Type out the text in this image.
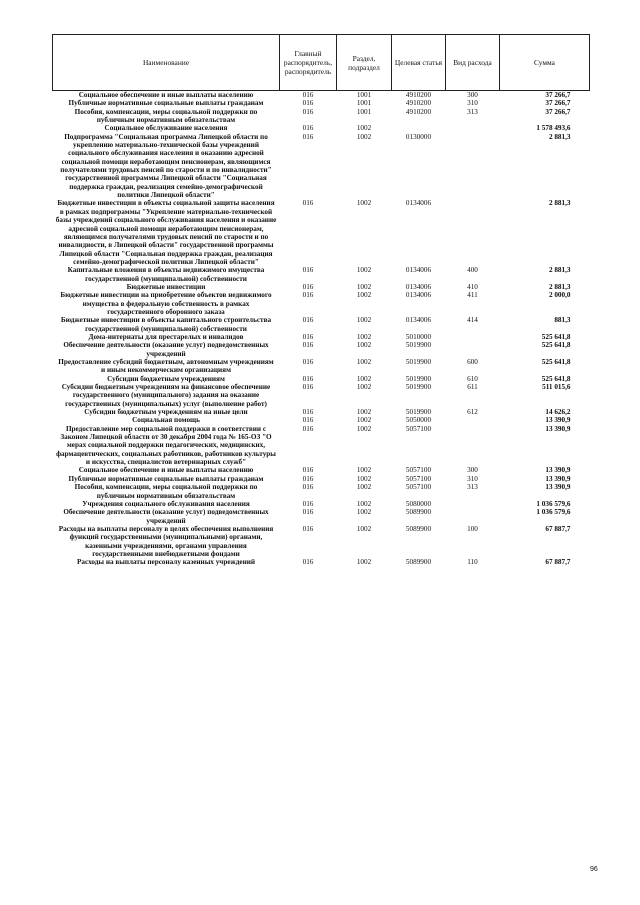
Наименование	Главный распорядитель, распорядитель	Раздел, подраздел	Целевая статья	Вид расхода	Сумма
Социальное обеспечение и иные выплаты населению	016	1001	4910200	300	37 266,7
Публичные нормативные социальные выплаты гражданам	016	1001	4910200	310	37 266,7
Пособия, компенсации, меры социальной поддержки по публичным нормативным обязательствам	016	1001	4910200	313	37 266,7
Социальное обслуживание населения	016	1002			1 578 493,6
Подпрограмма "Социальная программа Липецкой области по укреплению материально-технической базы учреждений социального обслуживания населения и оказанию адресной социальной помощи неработающим пенсионерам, являющимся получателями трудовых пенсий по старости и по инвалидности" государственной программы Липецкой области "Социальная поддержка граждан, реализация семейно-демографической политики Липецкой области"	016	1002	0130000		2 881,3
Бюджетные инвестиции в объекты социальной защиты населения в рамках подпрограммы "Укрепление материально-технической базы учреждений социального обслуживания населения и оказание адресной социальной помощи неработающим пенсионерам, являющимся получателями трудовых пенсий по старости и по инвалидности, в Липецкой области" государственной программы Липецкой области "Социальная поддержка граждан, реализация семейно-демографической политики Липецкой области"	016	1002	0134006		2 881,3
Капитальные вложения в объекты недвижимого имущества государственной (муниципальной) собственности	016	1002	0134006	400	2 881,3
Бюджетные инвестиции	016	1002	0134006	410	2 881,3
Бюджетные инвестиции на приобретение объектов недвижимого имущества в федеральную собственность в рамках государственного оборонного заказа	016	1002	0134006	411	2 000,0
Бюджетные инвестиции в объекты капитального строительства государственной (муниципальной) собственности	016	1002	0134006	414	881,3
Дома-интернаты для престарелых и инвалидов	016	1002	5010000		525 641,8
Обеспечение деятельности (оказание услуг) подведомственных учреждений	016	1002	5019900		525 641,8
Предоставление субсидий бюджетным, автономным учреждениям и иным некоммерческим организациям	016	1002	5019900	600	525 641,8
Субсидии бюджетным учреждениям	016	1002	5019900	610	525 641,8
Субсидии бюджетным учреждениям на финансовое обеспечение государственного (муниципального) задания на оказание государственных (муниципальных) услуг (выполнение работ)	016	1002	5019900	611	511 015,6
Субсидии бюджетным учреждениям на иные цели	016	1002	5019900	612	14 626,2
Социальная помощь	016	1002	5050000		13 390,9
Предоставление мер социальной поддержки в соответствии с Законом Липецкой области от 30 декабря 2004 года № 165-ОЗ "О мерах социальной поддержки педагогических, медицинских, фармацевтических, социальных работников, работников культуры и искусства, специалистов ветеринарных служб"	016	1002	5057100		13 390,9
Социальное обеспечение и иные выплаты населению	016	1002	5057100	300	13 390,9
Публичные нормативные социальные выплаты гражданам	016	1002	5057100	310	13 390,9
Пособия, компенсации, меры социальной поддержки по публичным нормативным обязательствам	016	1002	5057100	313	13 390,9
Учреждения социального обслуживания населения	016	1002	5080000		1 036 579,6
Обеспечение деятельности (оказание услуг) подведомственных учреждений	016	1002	5089900		1 036 579,6
Расходы на выплаты персоналу в целях обеспечения выполнения функций государственными (муниципальными) органами, казенными учреждениями, органами управления государственными внебюджетными фондами	016	1002	5089900	100	67 887,7
Расходы на выплаты персоналу казенных учреждений	016	1002	5089900	110	67 887,7
96
